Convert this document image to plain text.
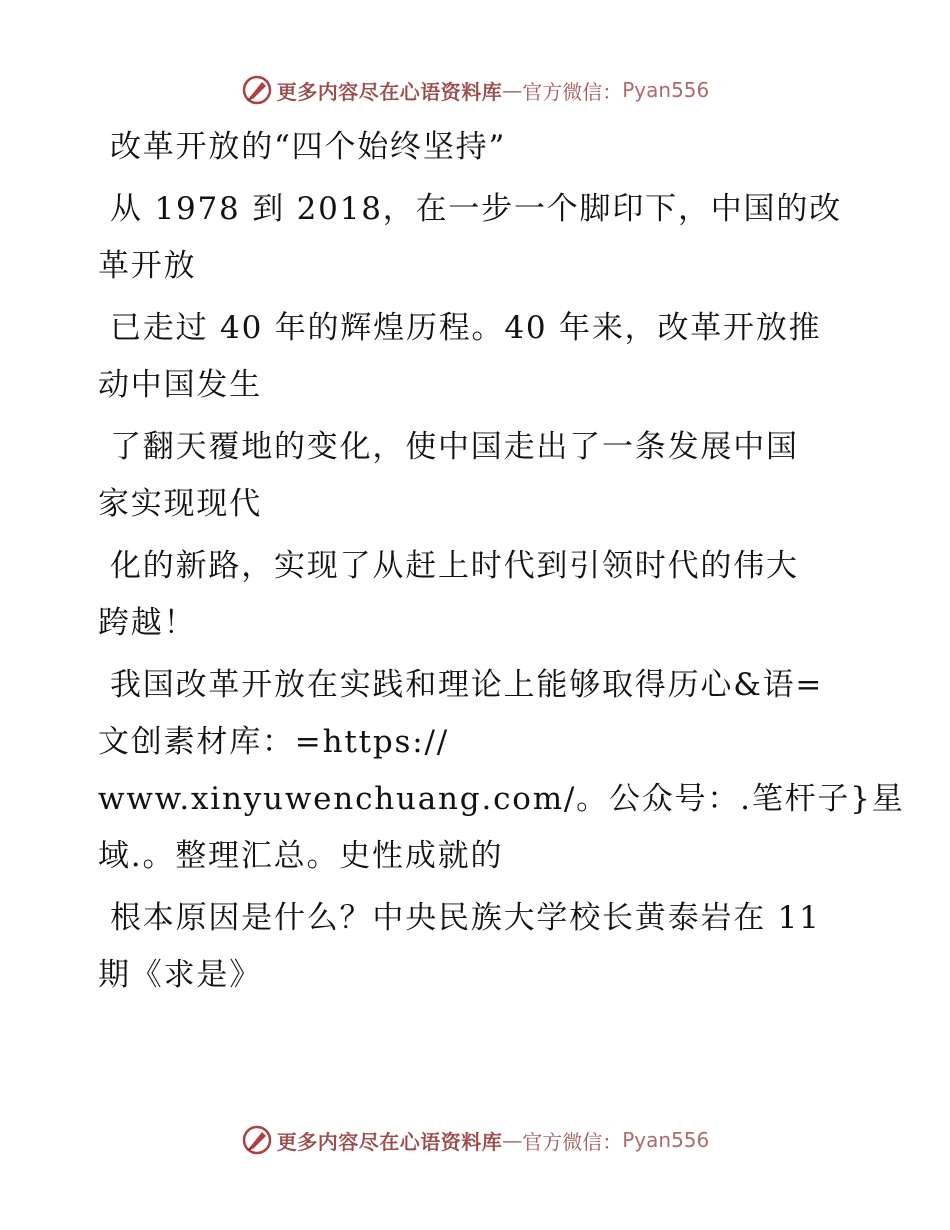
更多内容尽在心语资料库 — 官方微信： Pyan556
改革开放的“四个始终坚持”
从 1978 到 2018，在一步一个脚印下，中国的改
革开放
已走过 40 年的辉煌历程。40 年来，改革开放推
动中国发生
了翻天覆地的变化，使中国走出了一条发展中国
家实现现代
化的新路，实现了从赶上时代到引领时代的伟大
跨越！
我国改革开放在实践和理论上能够取得历心&语=
文创素材库：=https://
www.xinyuwenchuang.com/。公众号：.笔杆子}星
域.。整理汇总。史性成就的
根本原因是什么？中央民族大学校长黄泰岩在 11
期《求是》
更多内容尽在心语资料库 — 官方微信： Pyan556
